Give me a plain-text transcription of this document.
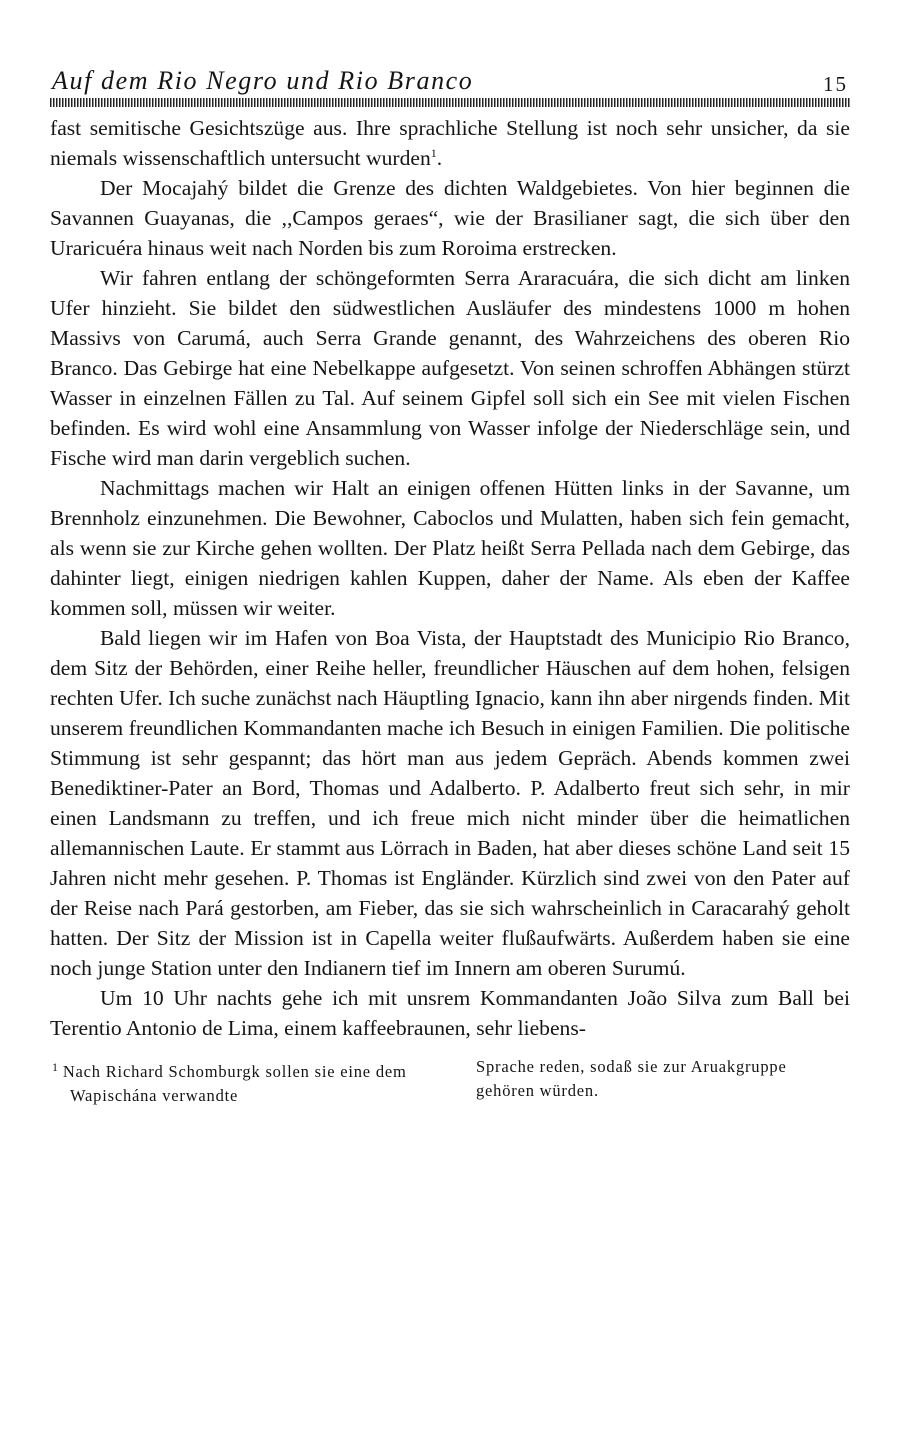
Auf dem Rio Negro und Rio Branco	15

fast semitische Gesichtszüge aus. Ihre sprachliche Stellung ist noch sehr unsicher, da sie niemals wissenschaftlich untersucht wurden$^1$.

Der Mocajahý bildet die Grenze des dichten Waldgebietes. Von hier beginnen die Savannen Guayanas, die ,,Campos geraes“, wie der Brasilianer sagt, die sich über den Uraricuéra hinaus weit nach Norden bis zum Roroima erstrecken.

Wir fahren entlang der schöngeformten Serra Araracuára, die sich dicht am linken Ufer hinzieht. Sie bildet den südwestlichen Ausläufer des mindestens 1000 m hohen Massivs von Carumá, auch Serra Grande genannt, des Wahrzeichens des oberen Rio Branco. Das Gebirge hat eine Nebelkappe aufgesetzt. Von seinen schroffen Abhängen stürzt Wasser in einzelnen Fällen zu Tal. Auf seinem Gipfel soll sich ein See mit vielen Fischen befinden. Es wird wohl eine Ansammlung von Wasser infolge der Niederschläge sein, und Fische wird man darin vergeblich suchen.

Nachmittags machen wir Halt an einigen offenen Hütten links in der Savanne, um Brennholz einzunehmen. Die Bewohner, Caboclos und Mulatten, haben sich fein gemacht, als wenn sie zur Kirche gehen wollten. Der Platz heißt Serra Pellada nach dem Gebirge, das dahinter liegt, einigen niedrigen kahlen Kuppen, daher der Name. Als eben der Kaffee kommen soll, müssen wir weiter.

Bald liegen wir im Hafen von Boa Vista, der Hauptstadt des Municipio Rio Branco, dem Sitz der Behörden, einer Reihe heller, freundlicher Häuschen auf dem hohen, felsigen rechten Ufer. Ich suche zunächst nach Häuptling Ignacio, kann ihn aber nirgends finden. Mit unserem freundlichen Kommandanten mache ich Besuch in einigen Familien. Die politische Stimmung ist sehr gespannt; das hört man aus jedem Gepräch. Abends kommen zwei Benediktiner-Pater an Bord, Thomas und Adalberto. P. Adalberto freut sich sehr, in mir einen Landsmann zu treffen, und ich freue mich nicht minder über die heimatlichen allemannischen Laute. Er stammt aus Lörrach in Baden, hat aber dieses schöne Land seit 15 Jahren nicht mehr gesehen. P. Thomas ist Engländer. Kürzlich sind zwei von den Pater auf der Reise nach Pará gestorben, am Fieber, das sie sich wahrscheinlich in Caracarahý geholt hatten. Der Sitz der Mission ist in Capella weiter flußaufwärts. Außerdem haben sie eine noch junge Station unter den Indianern tief im Innern am oberen Surumú.

Um 10 Uhr nachts gehe ich mit unsrem Kommandanten João Silva zum Ball bei Terentio Antonio de Lima, einem kaffeebraunen, sehr liebens-

$^1$ Nach Richard Schomburgk sollen sie eine dem Wapischána verwandte

Sprache reden, sodaß sie zur Aruakgruppe gehören würden.
